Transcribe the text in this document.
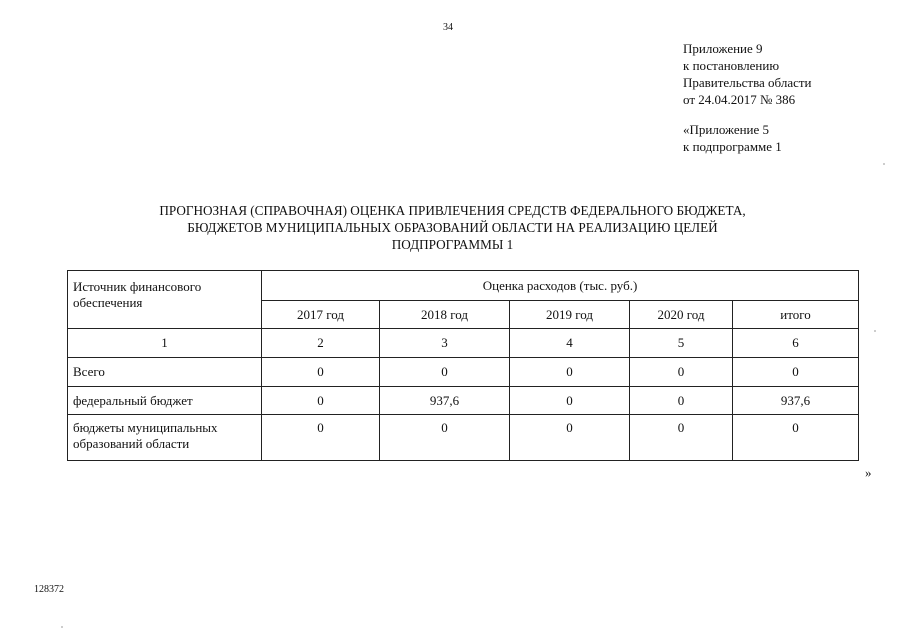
34
Приложение 9
к постановлению
Правительства области
от 24.04.2017 № 386
«Приложение 5
к подпрограмме 1
ПРОГНОЗНАЯ (СПРАВОЧНАЯ) ОЦЕНКА ПРИВЛЕЧЕНИЯ СРЕДСТВ ФЕДЕРАЛЬНОГО БЮДЖЕТА,
БЮДЖЕТОВ МУНИЦИПАЛЬНЫХ ОБРАЗОВАНИЙ ОБЛАСТИ НА РЕАЛИЗАЦИЮ ЦЕЛЕЙ
ПОДПРОГРАММЫ 1
Источник финансового обеспечения	Оценка расходов (тыс. руб.)				
	2017 год	2018 год	2019 год	2020 год	итого
1	2	3	4	5	6
Всего	0	0	0	0	0
федеральный бюджет	0	937,6	0	0	937,6
бюджеты муниципальных образований области	0	0	0	0	0
»
128372
